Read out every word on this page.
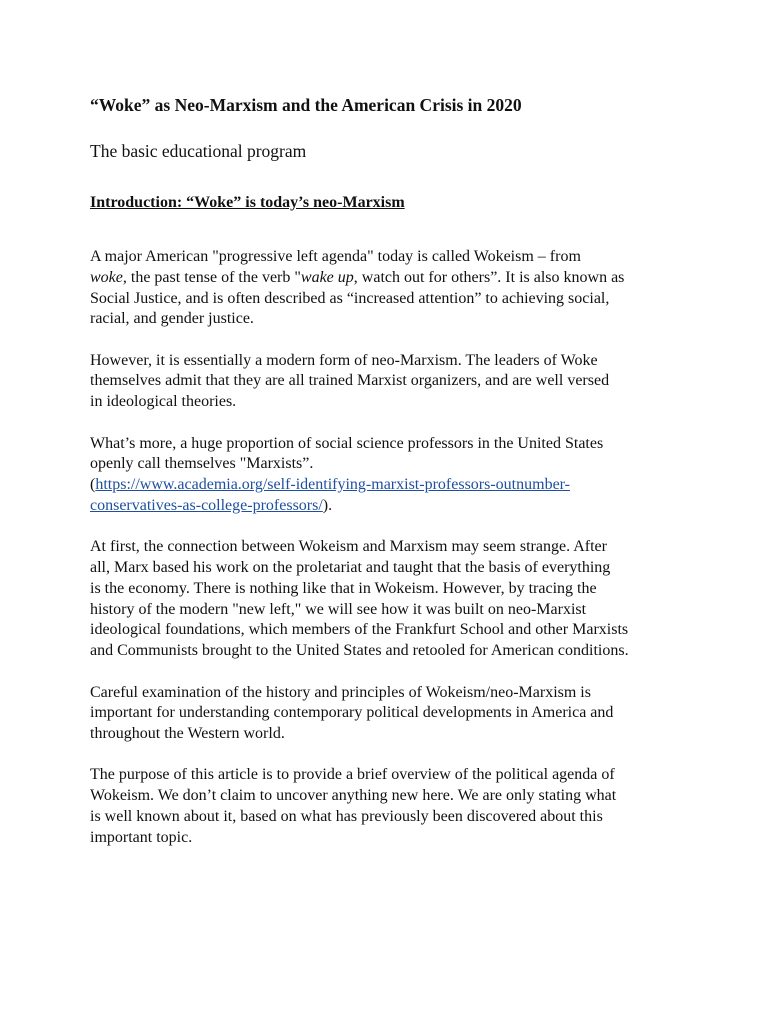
“Woke” as Neo-Marxism and the American Crisis in 2020

The basic educational program

Introduction: “Woke” is today’s neo-Marxism

A major American "progressive left agenda" today is called Wokeism – from
woke, the past tense of the verb "wake up, watch out for others”. It is also known as
Social Justice, and is often described as “increased attention” to achieving social,
racial, and gender justice.

However, it is essentially a modern form of neo-Marxism. The leaders of Woke
themselves admit that they are all trained Marxist organizers, and are well versed
in ideological theories.

What’s more, a huge proportion of social science professors in the United States
openly call themselves "Marxists”.
(https://www.academia.org/self-identifying-marxist-professors-outnumber-
conservatives-as-college-professors/).

At first, the connection between Wokeism and Marxism may seem strange. After
all, Marx based his work on the proletariat and taught that the basis of everything
is the economy. There is nothing like that in Wokeism. However, by tracing the
history of the modern "new left," we will see how it was built on neo-Marxist
ideological foundations, which members of the Frankfurt School and other Marxists
and Communists brought to the United States and retooled for American conditions.

Careful examination of the history and principles of Wokeism/neo-Marxism is
important for understanding contemporary political developments in America and
throughout the Western world.

The purpose of this article is to provide a brief overview of the political agenda of
Wokeism. We don’t claim to uncover anything new here. We are only stating what
is well known about it, based on what has previously been discovered about this
important topic.
